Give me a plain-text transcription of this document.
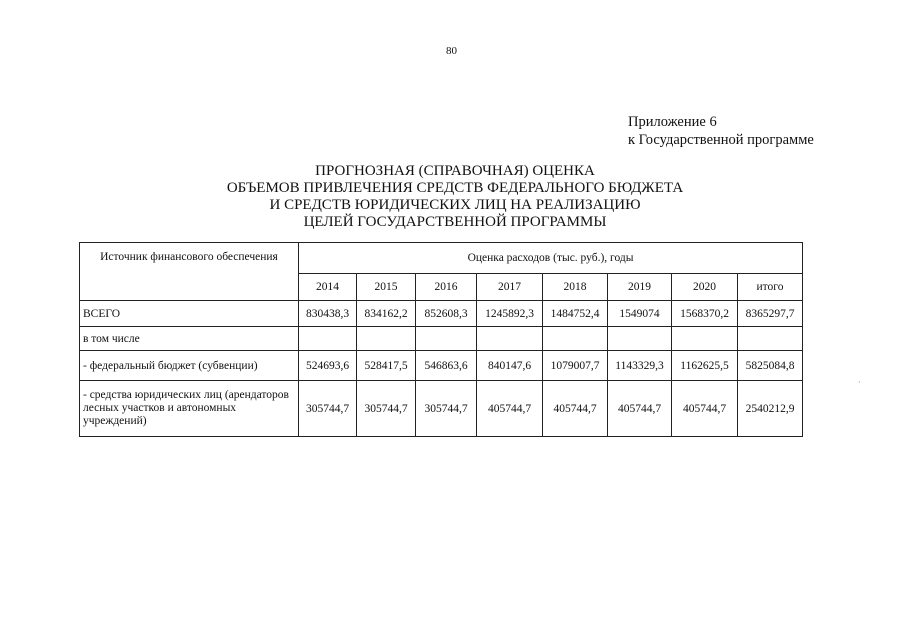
80
Приложение 6
к Государственной программе
ПРОГНОЗНАЯ (СПРАВОЧНАЯ) ОЦЕНКА
ОБЪЕМОВ ПРИВЛЕЧЕНИЯ СРЕДСТВ ФЕДЕРАЛЬНОГО БЮДЖЕТА
И СРЕДСТВ ЮРИДИЧЕСКИХ ЛИЦ НА РЕАЛИЗАЦИЮ
ЦЕЛЕЙ ГОСУДАРСТВЕННОЙ ПРОГРАММЫ
Источник финансового обеспечения	Оценка расходов (тыс. руб.), годы							
	2014	2015	2016	2017	2018	2019	2020	итого
ВСЕГО	830438,3	834162,2	852608,3	1245892,3	1484752,4	1549074	1568370,2	8365297,7
в том числе								
- федеральный бюджет (субвенции)	524693,6	528417,5	546863,6	840147,6	1079007,7	1143329,3	1162625,5	5825084,8
- средства юридических лиц (арендаторов лесных участков и автономных учреждений)	305744,7	305744,7	305744,7	405744,7	405744,7	405744,7	405744,7	2540212,9
·
